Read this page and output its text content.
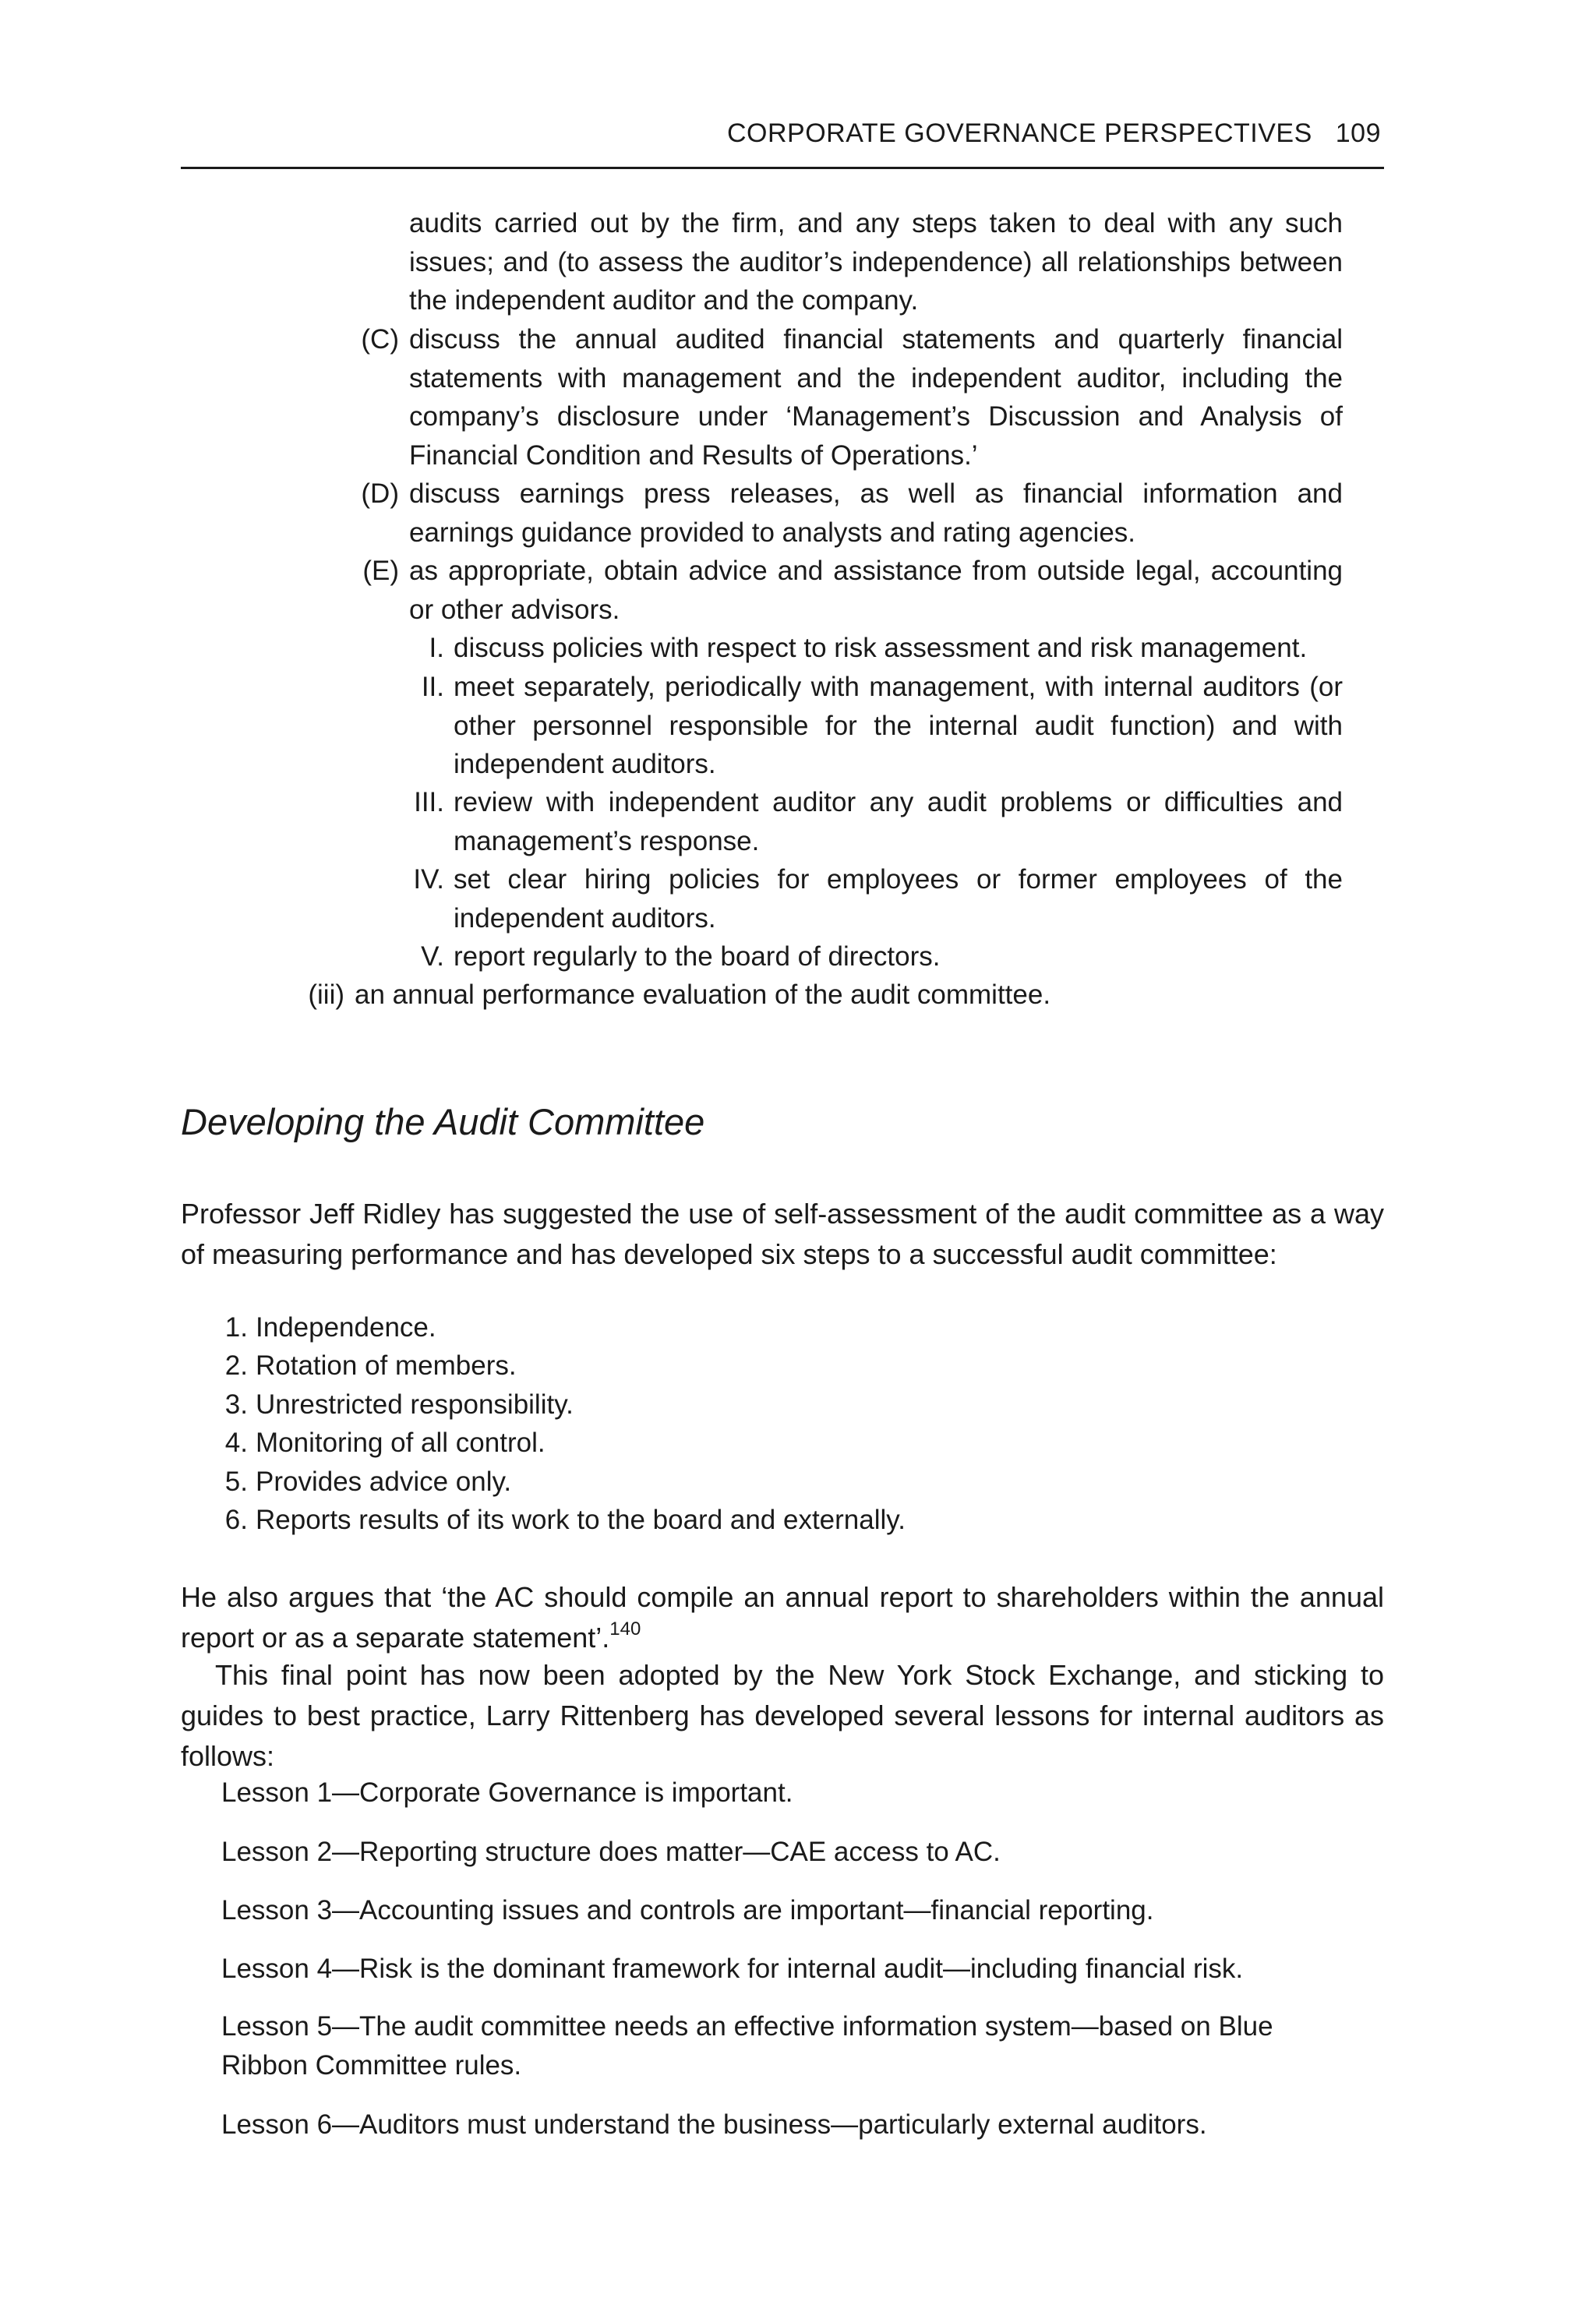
CORPORATE GOVERNANCE PERSPECTIVES 109
audits carried out by the firm, and any steps taken to deal with any such issues; and (to assess the auditor’s independence) all relationships between the independent auditor and the company.
(C) discuss the annual audited financial statements and quarterly financial statements with management and the independent auditor, including the company’s disclosure under ‘Management’s Discussion and Analysis of Financial Condition and Results of Operations.’
(D) discuss earnings press releases, as well as financial information and earnings guidance provided to analysts and rating agencies.
(E) as appropriate, obtain advice and assistance from outside legal, accounting or other advisors.
I. discuss policies with respect to risk assessment and risk management.
II. meet separately, periodically with management, with internal auditors (or other personnel responsible for the internal audit function) and with independent auditors.
III. review with independent auditor any audit problems or difficulties and management’s response.
IV. set clear hiring policies for employees or former employees of the independent auditors.
V. report regularly to the board of directors.
(iii) an annual performance evaluation of the audit committee.
Developing the Audit Committee
Professor Jeff Ridley has suggested the use of self-assessment of the audit committee as a way of measuring performance and has developed six steps to a successful audit committee:
1. Independence.
2. Rotation of members.
3. Unrestricted responsibility.
4. Monitoring of all control.
5. Provides advice only.
6. Reports results of its work to the board and externally.
He also argues that ‘the AC should compile an annual report to shareholders within the annual report or as a separate statement’.$^{140}$
This final point has now been adopted by the New York Stock Exchange, and sticking to guides to best practice, Larry Rittenberg has developed several lessons for internal auditors as follows:
Lesson 1—Corporate Governance is important.
Lesson 2—Reporting structure does matter—CAE access to AC.
Lesson 3—Accounting issues and controls are important—financial reporting.
Lesson 4—Risk is the dominant framework for internal audit—including financial risk.
Lesson 5—The audit committee needs an effective information system—based on Blue Ribbon Committee rules.
Lesson 6—Auditors must understand the business—particularly external auditors.
